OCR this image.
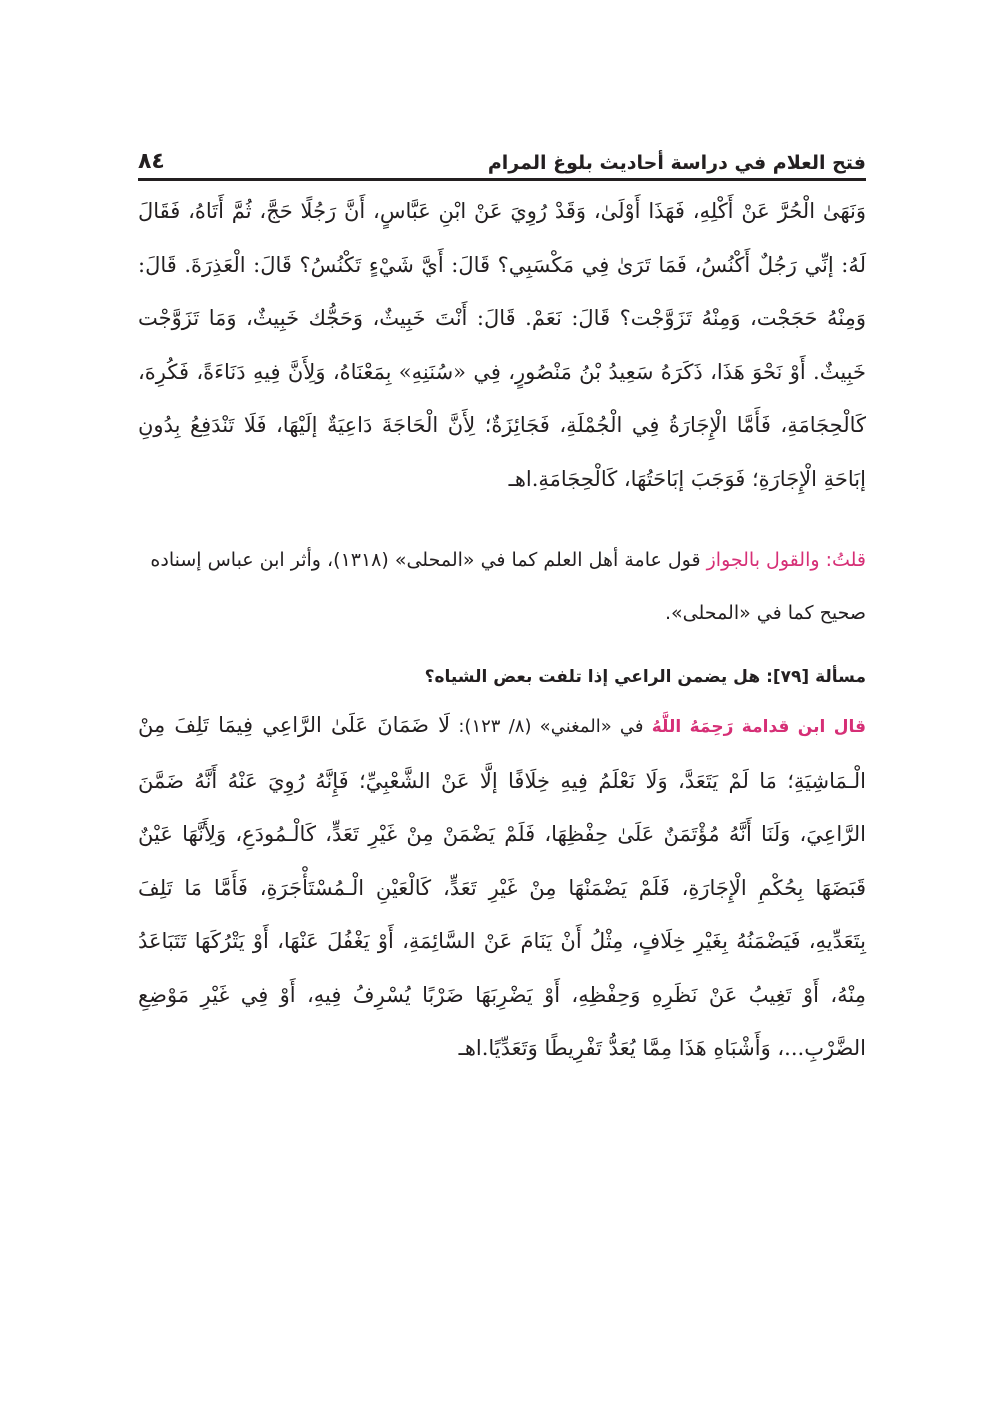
فتح العلام في دراسة أحاديث بلوغ المرام
٨٤

وَنَهَىٰ الْحُرَّ عَنْ أَكْلِهِ، فَهَذَا أَوْلَىٰ، وَقَدْ رُوِيَ عَنْ ابْنِ عَبَّاسٍ، أَنَّ رَجُلًا حَجَّ، ثُمَّ أَتَاهُ، فَقَالَ لَهُ: إنِّي رَجُلٌ أَكْنُسُ، فَمَا تَرَىٰ فِي مَكْسَبِي؟ قَالَ: أَيَّ شَيْءٍ تَكْنُسُ؟ قَالَ: الْعَذِرَةَ. قَالَ: وَمِنْهُ حَجَجْت، وَمِنْهُ تَزَوَّجْت؟ قَالَ: نَعَمْ. قَالَ: أَنْتَ خَبِيثٌ، وَحَجُّك خَبِيثٌ، وَمَا تَزَوَّجْت خَبِيثٌ. أَوْ نَحْوَ هَذَا، ذَكَرَهُ سَعِيدُ بْنُ مَنْصُورٍ، فِي «سُنَنِهِ» بِمَعْنَاهُ، وَلِأَنَّ فِيهِ دَنَاءَةً، فَكُرِهَ، كَالْحِجَامَةِ، فَأَمَّا الْإِجَارَةُ فِي الْجُمْلَةِ، فَجَائِزَةٌ؛ لِأَنَّ الْحَاجَةَ دَاعِيَةٌ إلَيْهَا، فَلَا تَنْدَفِعُ بِدُونِ إبَاحَةِ الْإِجَارَةِ؛ فَوَجَبَ إبَاحَتُهَا، كَالْحِجَامَةِ.اهـ

قلتُ: والقول بالجواز قول عامة أهل العلم كما في «المحلى» (١٣١٨)، وأثر ابن عباس إسناده صحيح كما في «المحلى».

مسألة [٧٩]: هل يضمن الراعي إذا تلفت بعض الشياه؟

قال ابن قدامة رَحِمَهُ اللَّهُ في «المغني» (٨/ ١٢٣): لَا ضَمَانَ عَلَىٰ الرَّاعِي فِيمَا تَلِفَ مِنْ الْـمَاشِيَةِ؛ مَا لَمْ يَتَعَدَّ، وَلَا نَعْلَمُ فِيهِ خِلَافًا إلَّا عَنْ الشَّعْبِيِّ؛ فَإِنَّهُ رُوِيَ عَنْهُ أَنَّهُ ضَمَّنَ الرَّاعِيَ، وَلَنَا أَنَّهُ مُؤْتَمَنٌ عَلَىٰ حِفْظِهَا، فَلَمْ يَضْمَنْ مِنْ غَيْرِ تَعَدٍّ، كَالْـمُودَعِ، وَلِأَنَّهَا عَيْنٌ قَبَضَهَا بِحُكْمِ الْإِجَارَةِ، فَلَمْ يَضْمَنْهَا مِنْ غَيْرِ تَعَدٍّ، كَالْعَيْنِ الْـمُسْتَأْجَرَةِ، فَأَمَّا مَا تَلِفَ بِتَعَدِّيهِ، فَيَضْمَنُهُ بِغَيْرِ خِلَافٍ، مِثْلُ أَنْ يَنَامَ عَنْ السَّائِمَةِ، أَوْ يَغْفُلَ عَنْهَا، أَوْ يَتْرُكَهَا تَتَبَاعَدُ مِنْهُ، أَوْ تَغِيبُ عَنْ نَظَرِهِ وَحِفْظِهِ، أَوْ يَضْرِبَهَا ضَرْبًا يُسْرِفُ فِيهِ، أَوْ فِي غَيْرِ مَوْضِعِ الضَّرْبِ...، وَأَشْبَاهِ هَذَا مِمَّا يُعَدُّ تَفْرِيطًا وَتَعَدِّيًا.اهـ
